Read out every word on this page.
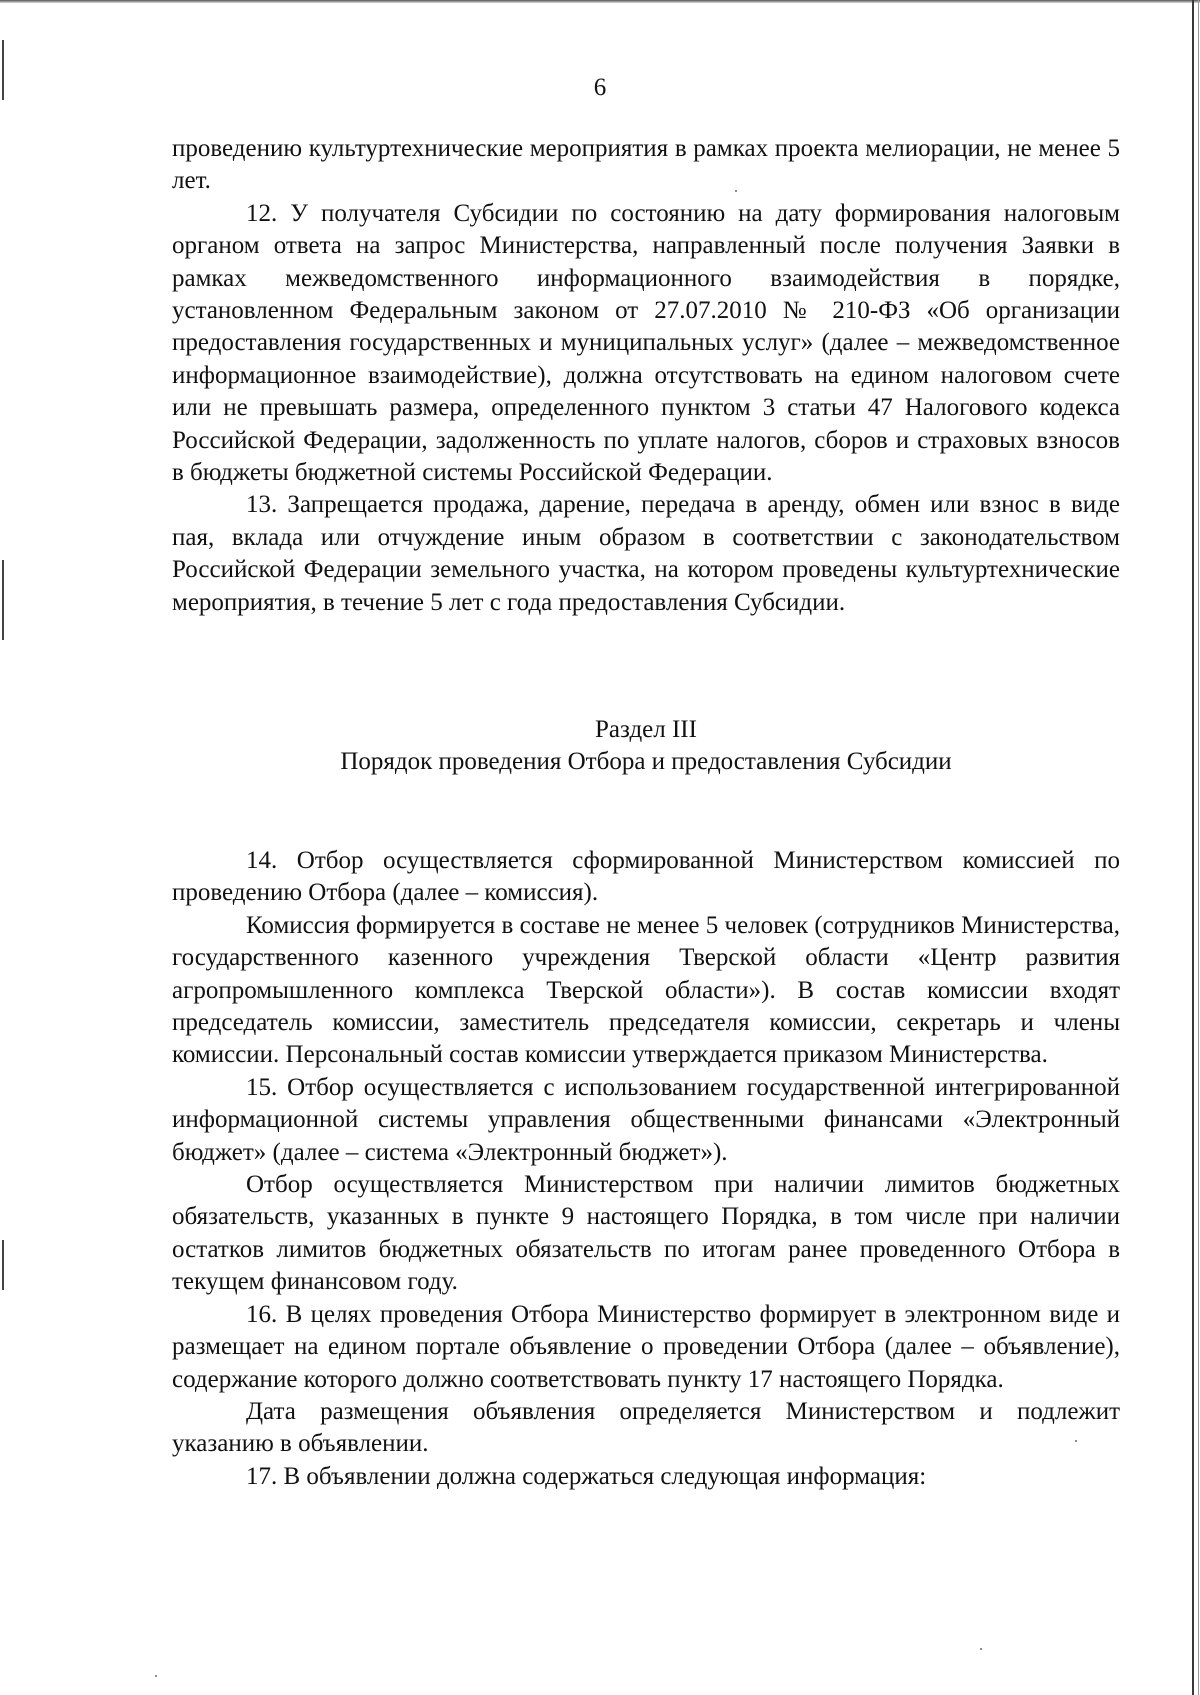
6

проведению культуртехнические мероприятия в рамках проекта мелиорации, не менее 5 лет.

12. У получателя Субсидии по состоянию на дату формирования налоговым органом ответа на запрос Министерства, направленный после получения Заявки в рамках межведомственного информационного взаимодействия в порядке, установленном Федеральным законом от 27.07.2010 № 210-ФЗ «Об организации предоставления государственных и муниципальных услуг» (далее – межведомственное информационное взаимодействие), должна отсутствовать на едином налоговом счете или не превышать размера, определенного пунктом 3 статьи 47 Налогового кодекса Российской Федерации, задолженность по уплате налогов, сборов и страховых взносов в бюджеты бюджетной системы Российской Федерации.

13. Запрещается продажа, дарение, передача в аренду, обмен или взнос в виде пая, вклада или отчуждение иным образом в соответствии с законодательством Российской Федерации земельного участка, на котором проведены культуртехнические мероприятия, в течение 5 лет с года предоставления Субсидии.

Раздел III

Порядок проведения Отбора и предоставления Субсидии

14. Отбор осуществляется сформированной Министерством комиссией по проведению Отбора (далее – комиссия).

Комиссия формируется в составе не менее 5 человек (сотрудников Министерства, государственного казенного учреждения Тверской области «Центр развития агропромышленного комплекса Тверской области»). В состав комиссии входят председатель комиссии, заместитель председателя комиссии, секретарь и члены комиссии. Персональный состав комиссии утверждается приказом Министерства.

15. Отбор осуществляется с использованием государственной интегрированной информационной системы управления общественными финансами «Электронный бюджет» (далее – система «Электронный бюджет»).

Отбор осуществляется Министерством при наличии лимитов бюджетных обязательств, указанных в пункте 9 настоящего Порядка, в том числе при наличии остатков лимитов бюджетных обязательств по итогам ранее проведенного Отбора в текущем финансовом году.

16. В целях проведения Отбора Министерство формирует в электронном виде и размещает на едином портале объявление о проведении Отбора (далее – объявление), содержание которого должно соответствовать пункту 17 настоящего Порядка.

Дата размещения объявления определяется Министерством и подлежит указанию в объявлении.

17. В объявлении должна содержаться следующая информация:
